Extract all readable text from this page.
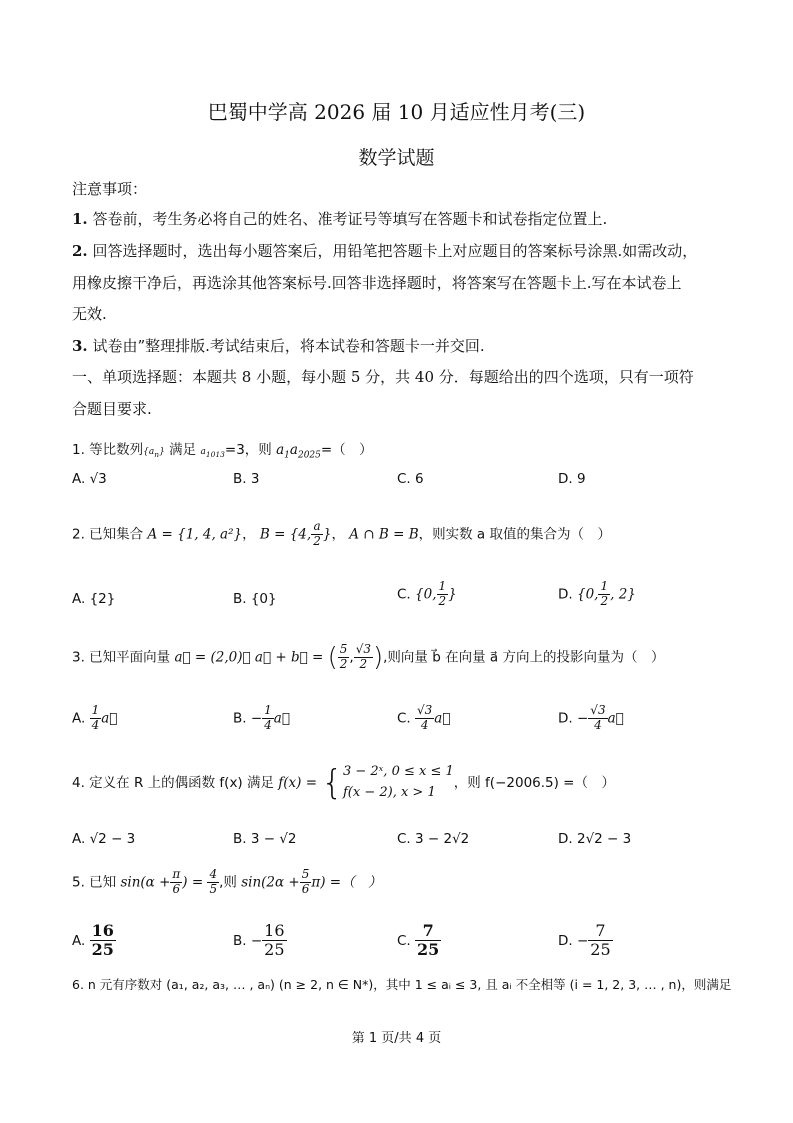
巴蜀中学高 2026 届 10 月适应性月考(三)
数学试题
注意事项：
1. 答卷前，考生务必将自己的姓名、准考证号等填写在答题卡和试卷指定位置上.
2. 回答选择题时，选出每小题答案后，用铅笔把答题卡上对应题目的答案标号涂黑.如需改动，
用橡皮擦干净后，再选涂其他答案标号.回答非选择题时，将答案写在答题卡上.写在本试卷上
无效.
3. 试卷由”整理排版.考试结束后，将本试卷和答题卡一并交回.
一、单项选择题：本题共 8 小题，每小题 5 分，共 40 分．每题给出的四个选项，只有一项符
合题目要求.
1. 等比数列$\{a_n\}$ 满足 $a_{1013}=3$，则 $a_1a_{2025}=$（　）
A. √3	B. 3	C. 6	D. 9
2. 已知集合 A = {1, 4, a²}， B = {4, $\frac{a}{2}$ }， A ∩ B = B，则实数 a 取值的集合为（　）
A. {2}	B. {0}	C. {0, $\frac{1}{2}$ }	D. {0, $\frac{1}{2}$ , 2}
3. 已知平面向量 a⃗ = (2,0)， a⃗ + b⃗ = ( $\frac{5}{2}$ , $\frac{√3}{2}$ ),则向量 b⃗ 在向量 a⃗ 方向上的投影向量为（　）
A. $\frac{1}{4}$ a⃗	B. − $\frac{1}{4}$ a⃗	C. $\frac{√3}{4}$ a⃗	D. − $\frac{√3}{4}$ a⃗
4. 定义在 R 上的偶函数 f(x) 满足 f(x) = { 3 − 2ˣ, 0 ≤ x ≤ 1
f(x − 2), x > 1
，则 f(−2006.5) =（　）
A. √2 − 3	B. 3 − √2	C. 3 − 2√2	D. 2√2 − 3
5. 已知 $\sin(\alpha + \frac{\pi}{6}$ ) = $\frac{4}{5}$ ,则 $\sin(2\alpha + \frac{5}{6} \pi)$ =（　）
A. $\frac{16}{25}$	B. − $\frac{16}{25}$	C. $\frac{7}{25}$	D. − $\frac{7}{25}$
6. n 元有序数对 (a₁, a₂, a₃, … , aₙ) (n ≥ 2, n ∈ N*)，其中 1 ≤ aᵢ ≤ 3, 且 aᵢ 不全相等 (i = 1, 2, 3, … , n)，则满足
第 1 页/共 4 页
